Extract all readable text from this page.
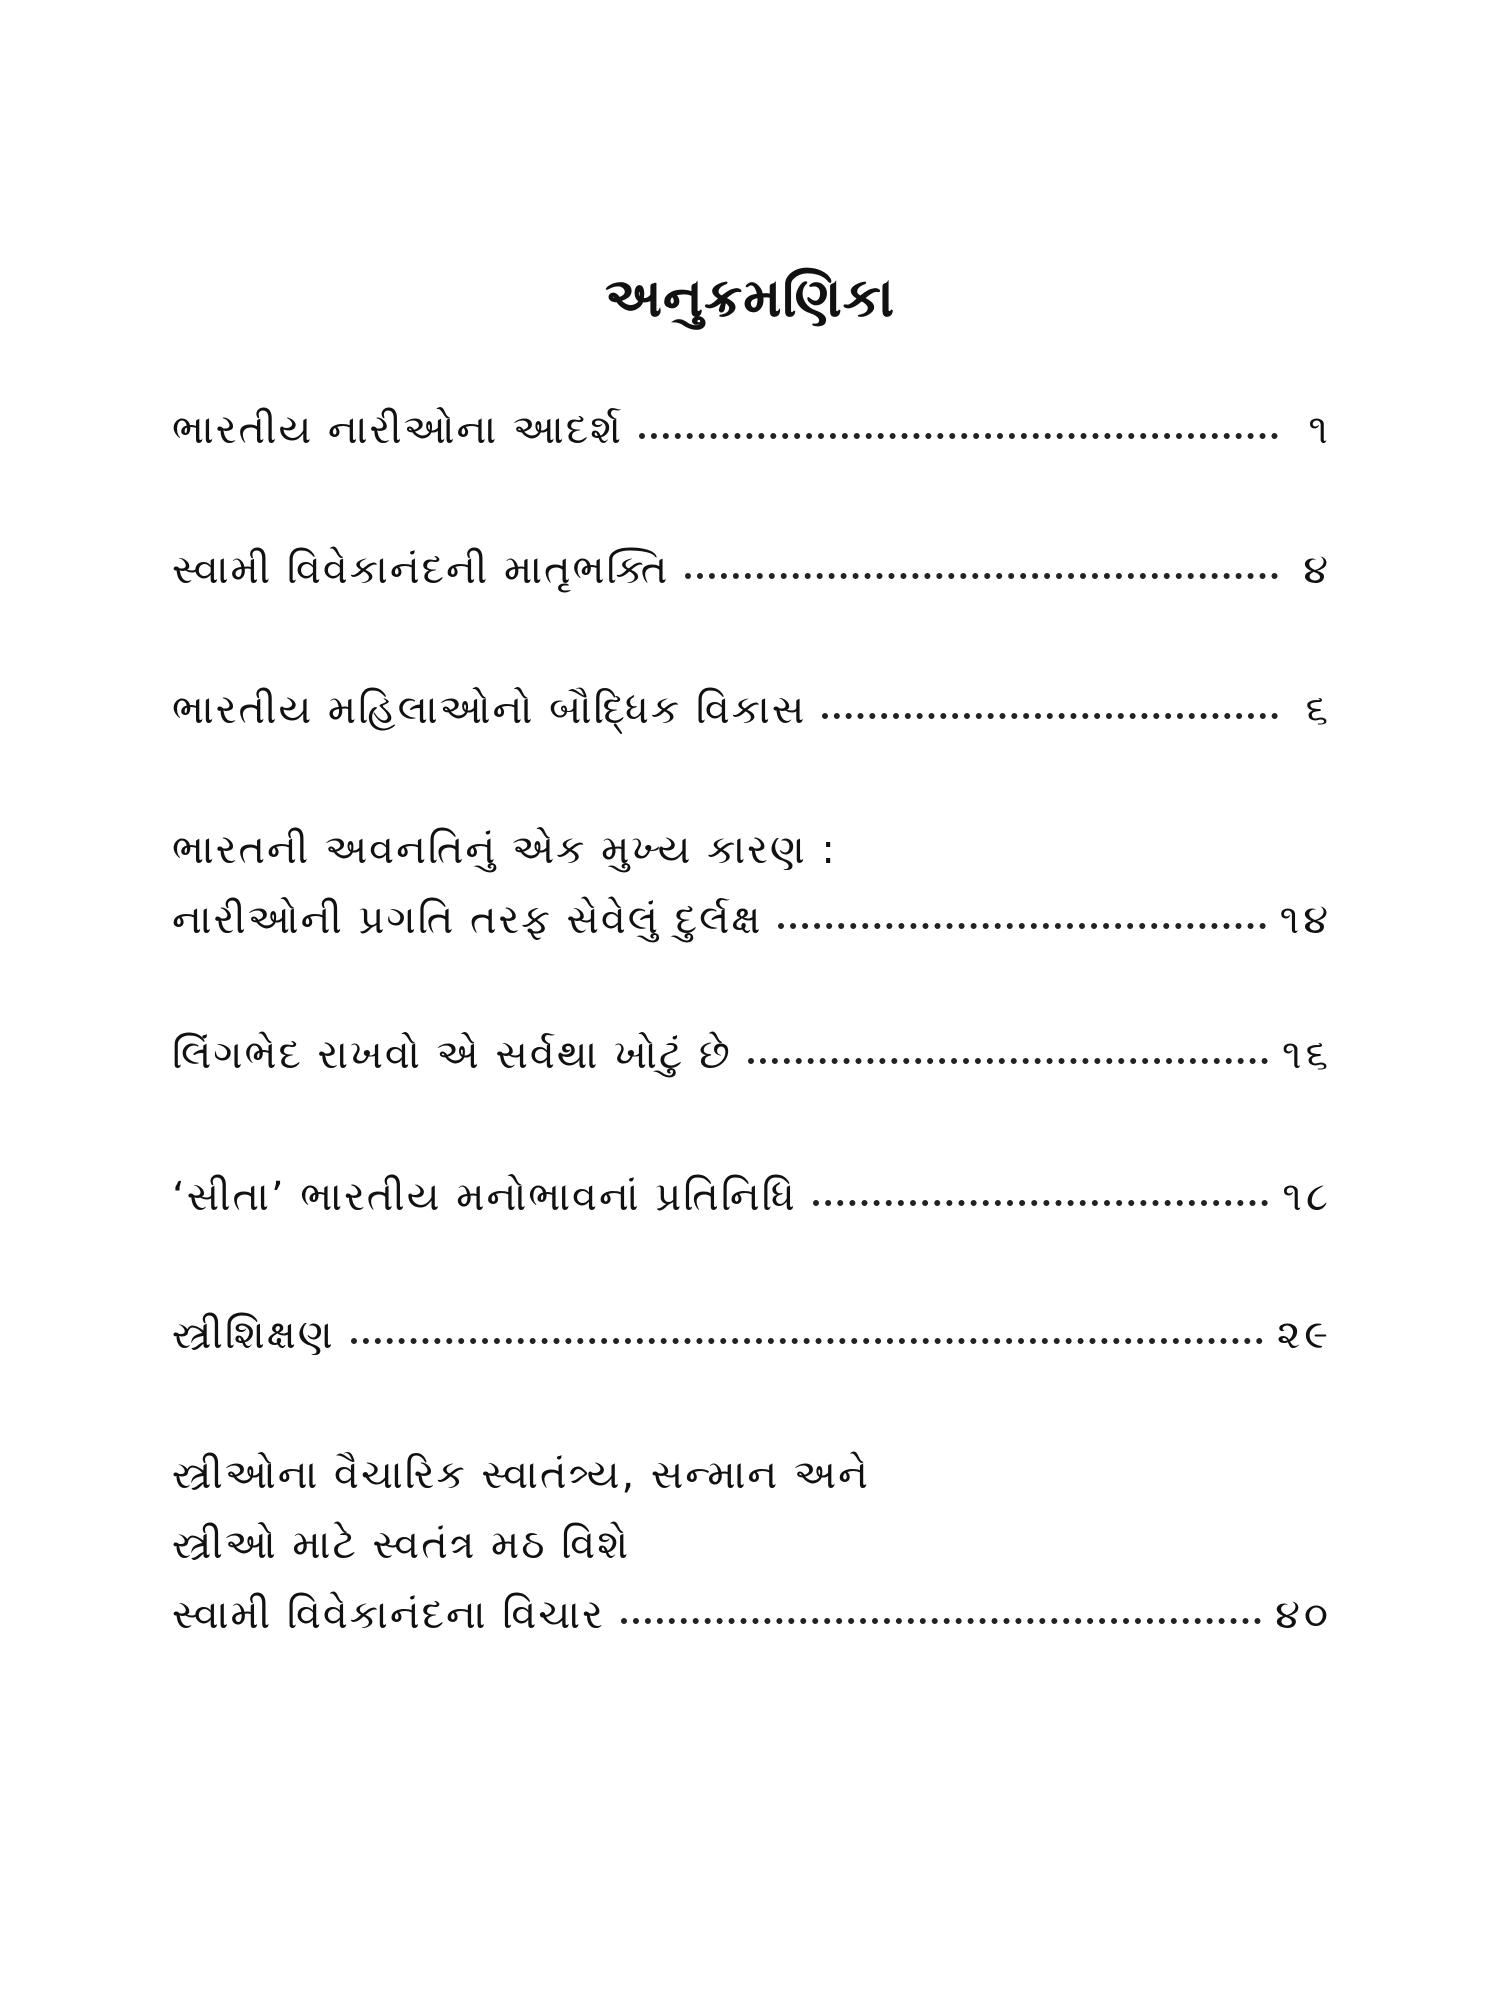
અનુક્રમણિકા
ભારતીય નારીઓના આદર્શ	૧
સ્વામી વિવેકાનંદની માતૃભક્તિ	૪
ભારતીય મહિલાઓનો બૌદ્ધિક વિકાસ	૬
ભારતની અવનતિનું એક મુખ્ય કારણ :
નારીઓની પ્રગતિ તરફ સેવેલું દુર્લક્ષ	૧૪
લિંગભેદ રાખવો એ સર્વથા ખોટું છે	૧૬
‘સીતા’ ભારતીય મનોભાવનાં પ્રતિનિધિ	૧૮
સ્ત્રીશિક્ષણ	૨૯
સ્ત્રીઓના વૈચારિક સ્વાતંત્ર્ય, સન્માન અને
સ્ત્રીઓ માટે સ્વતંત્ર મઠ વિશે
સ્વામી વિવેકાનંદના વિચાર	૪૦
